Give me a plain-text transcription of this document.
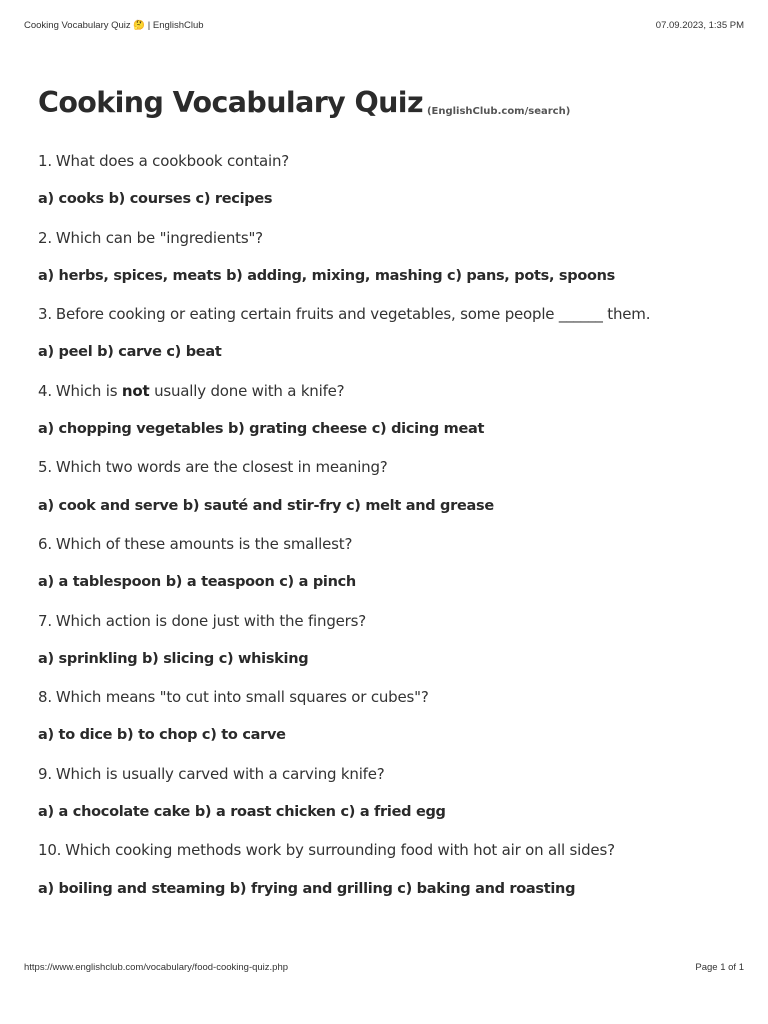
Cooking Vocabulary Quiz 🤔 | EnglishClub	07.09.2023, 1:35 PM
Cooking Vocabulary Quiz (EnglishClub.com/search)
1. What does a cookbook contain?
a) cooks b) courses c) recipes
2. Which can be "ingredients"?
a) herbs, spices, meats b) adding, mixing, mashing c) pans, pots, spoons
3. Before cooking or eating certain fruits and vegetables, some people ______ them.
a) peel b) carve c) beat
4. Which is not usually done with a knife?
a) chopping vegetables b) grating cheese c) dicing meat
5. Which two words are the closest in meaning?
a) cook and serve b) sauté and stir-fry c) melt and grease
6. Which of these amounts is the smallest?
a) a tablespoon b) a teaspoon c) a pinch
7. Which action is done just with the fingers?
a) sprinkling b) slicing c) whisking
8. Which means "to cut into small squares or cubes"?
a) to dice b) to chop c) to carve
9. Which is usually carved with a carving knife?
a) a chocolate cake b) a roast chicken c) a fried egg
10. Which cooking methods work by surrounding food with hot air on all sides?
a) boiling and steaming b) frying and grilling c) baking and roasting
https://www.englishclub.com/vocabulary/food-cooking-quiz.php	Page 1 of 1
